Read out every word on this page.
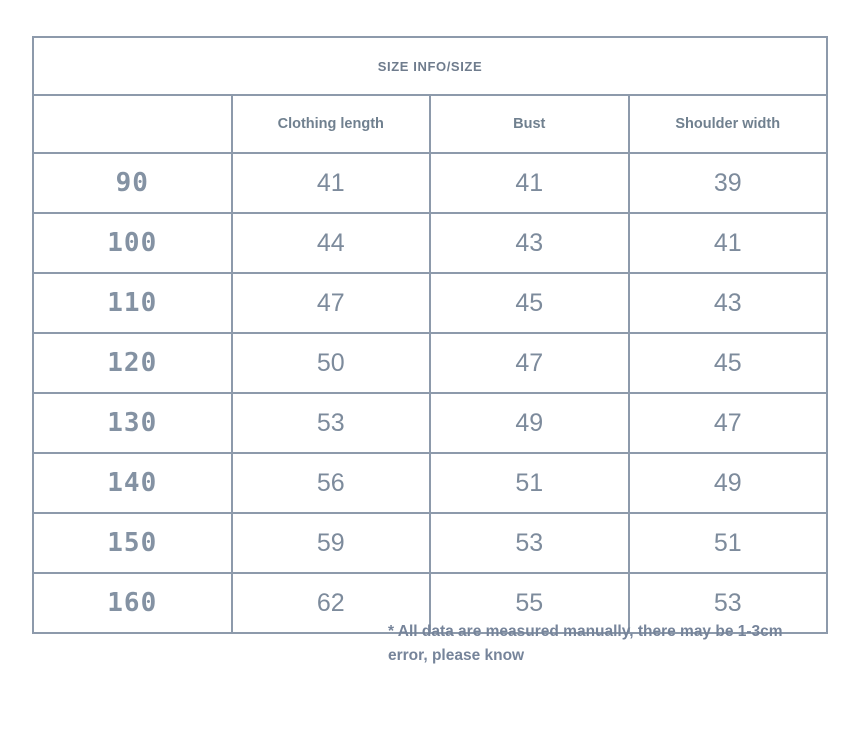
SIZE INFO/SIZE			
	Clothing length	Bust	Shoulder width
90	41	41	39
100	44	43	41
110	47	45	43
120	50	47	45
130	53	49	47
140	56	51	49
150	59	53	51
160	62	55	53
* All data are measured manually, there may be 1-3cm error, please know
